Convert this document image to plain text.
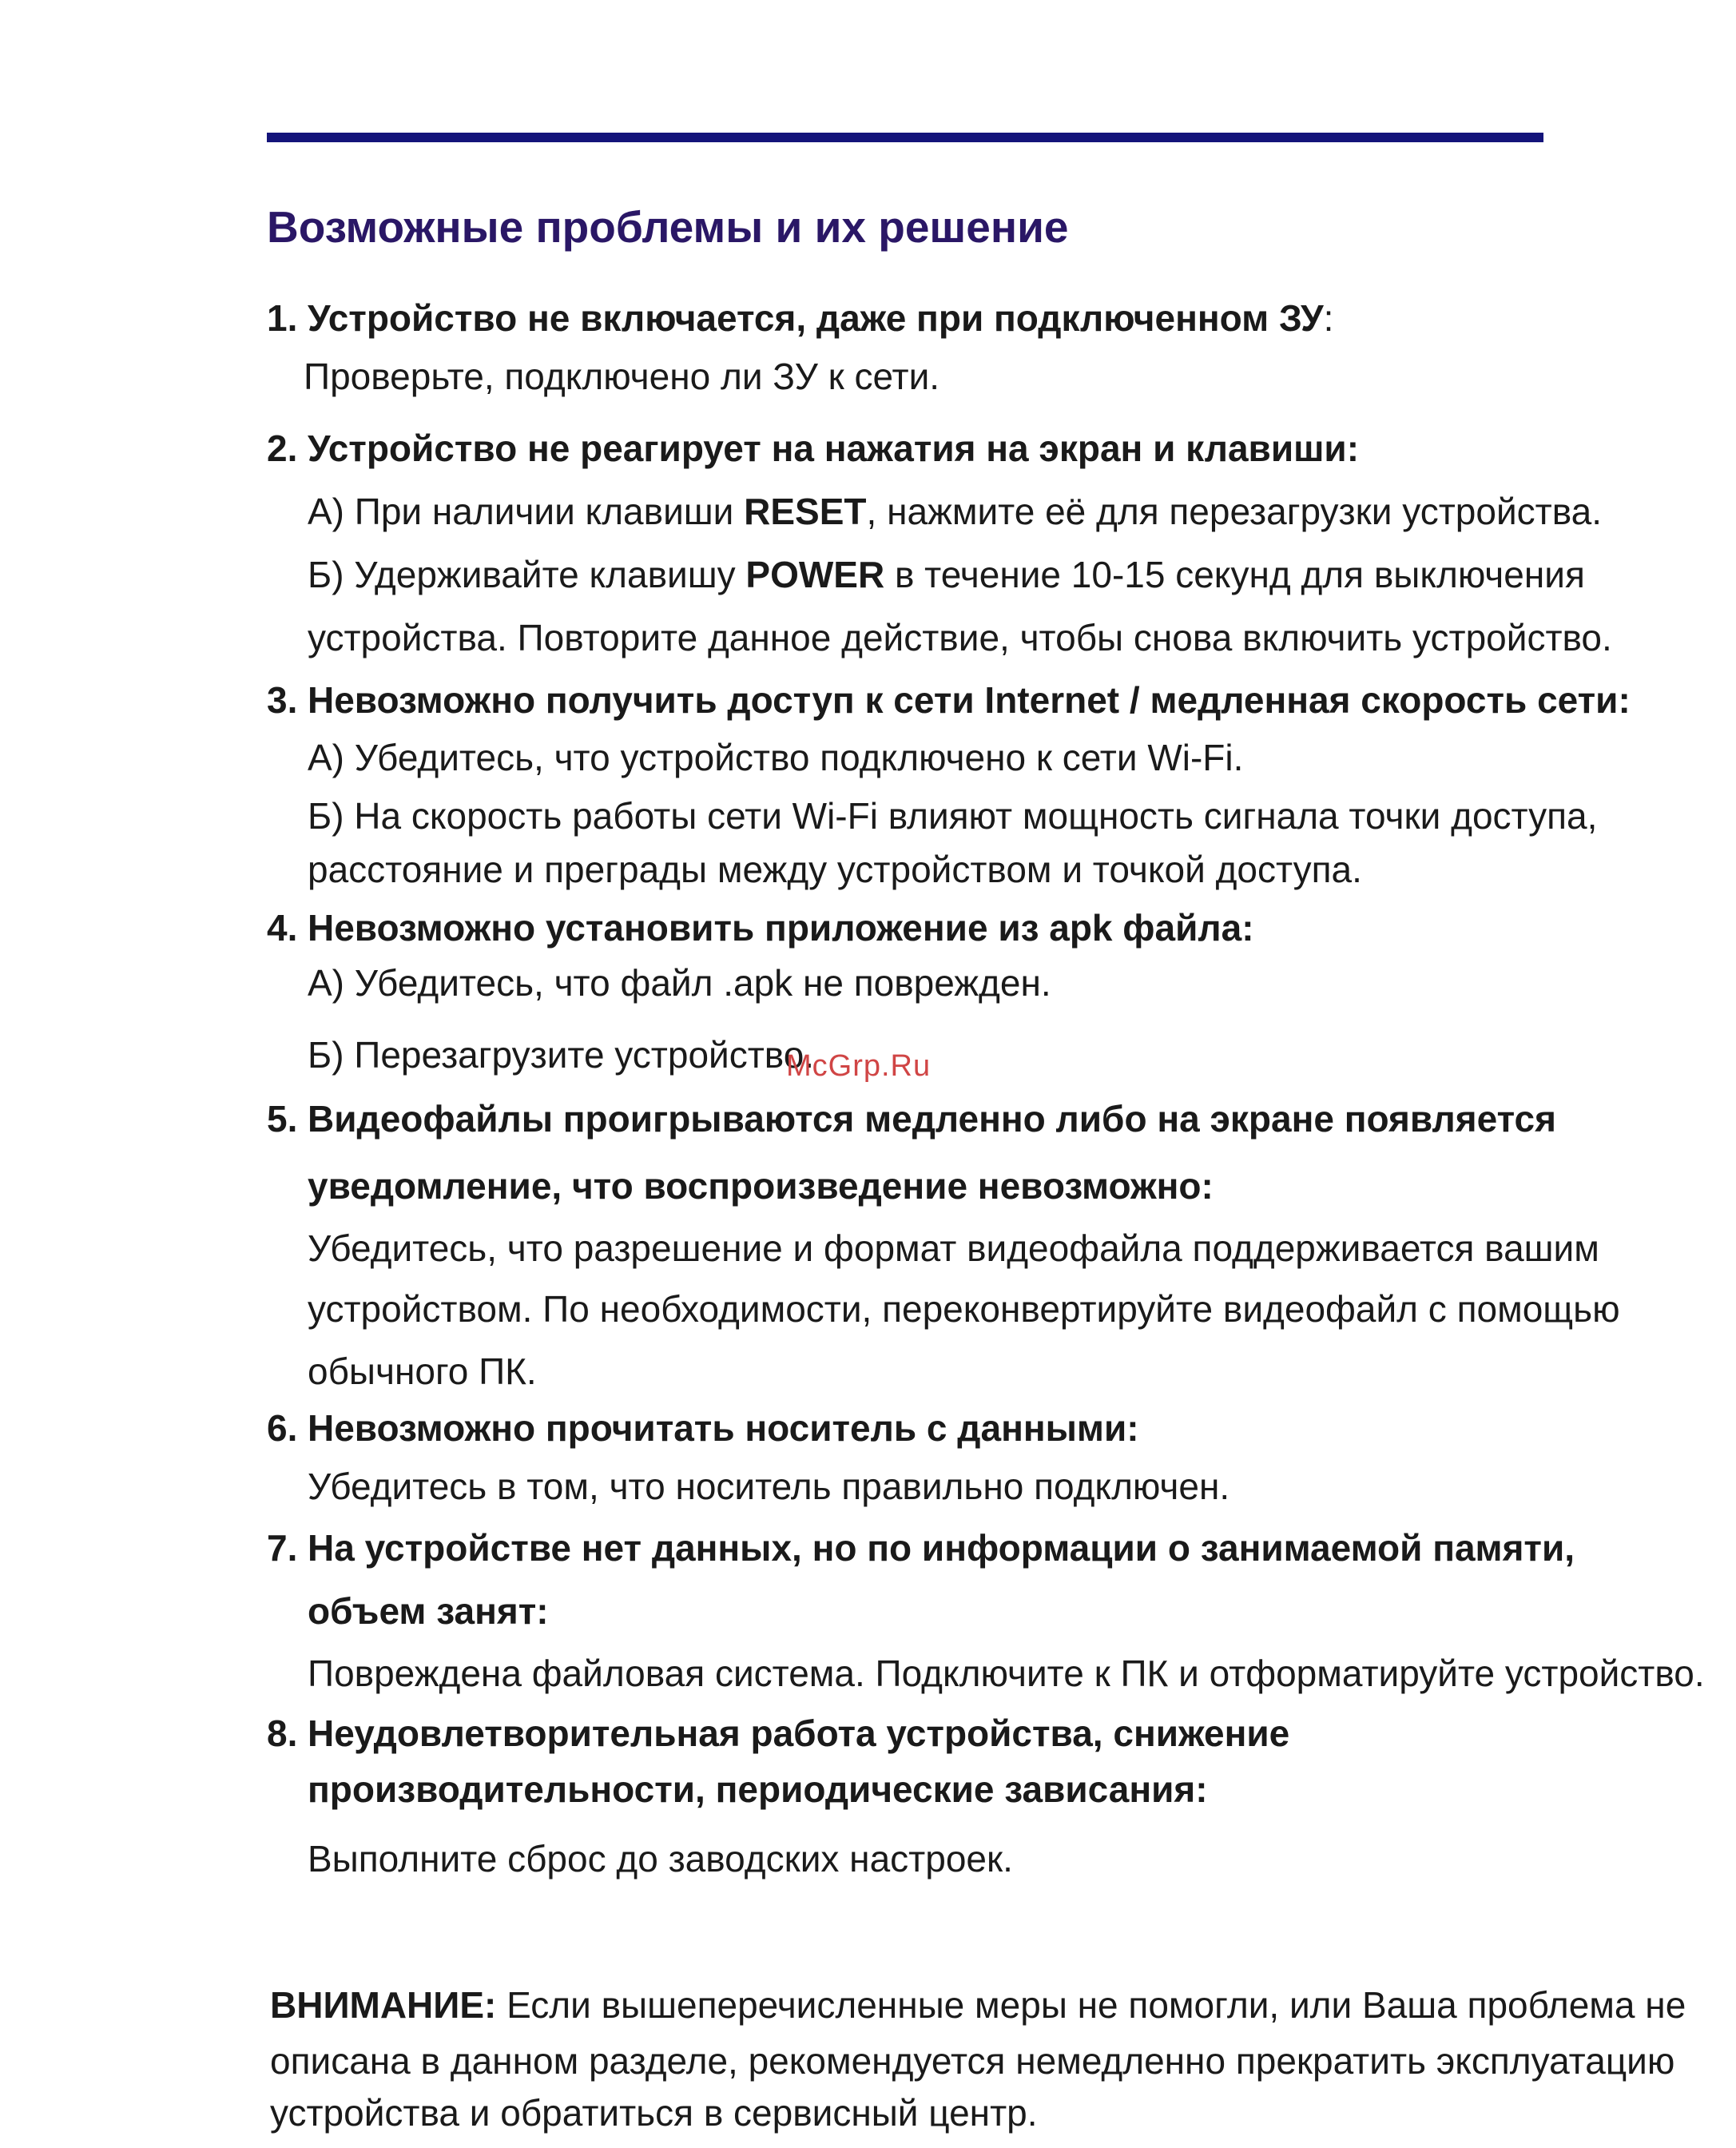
Возможные проблемы и их решение
1. Устройство не включается, даже при подключенном ЗУ:
Проверьте, подключено ли ЗУ к сети.
2. Устройство не реагирует на нажатия на экран и клавиши:
А) При наличии клавиши RESET, нажмите её для перезагрузки устройства.
Б) Удерживайте клавишу POWER в течение 10-15 секунд для выключения
устройства. Повторите данное действие, чтобы снова включить устройство.
3. Невозможно получить доступ к сети Internet / медленная скорость сети:
А) Убедитесь, что устройство подключено к сети Wi-Fi.
Б) На скорость работы сети Wi-Fi влияют мощность сигнала точки доступа,
расстояние и преграды между устройством и точкой доступа.
4. Невозможно установить приложение из apk файла:
А) Убедитесь, что файл .apk не поврежден.
Б) Перезагрузите устройство.
5. Видеофайлы проигрываются медленно либо на экране появляется
уведомление, что воспроизведение невозможно:
Убедитесь, что разрешение и формат видеофайла поддерживается вашим
устройством. По необходимости, переконвертируйте видеофайл с помощью
обычного ПК.
6. Невозможно прочитать носитель с данными:
Убедитесь в том, что носитель правильно подключен.
7. На устройстве нет данных, но по информации о занимаемой памяти,
объем занят:
Повреждена файловая система. Подключите к ПК и отформатируйте устройство.
8. Неудовлетворительная работа устройства, снижение
производительности, периодические зависания:
Выполните сброс до заводских настроек.
ВНИМАНИЕ: Если вышеперечисленные меры не помогли, или Ваша проблема не
описана в данном разделе, рекомендуется немедленно прекратить эксплуатацию
устройства и обратиться в сервисный центр.
McGrp.Ru
